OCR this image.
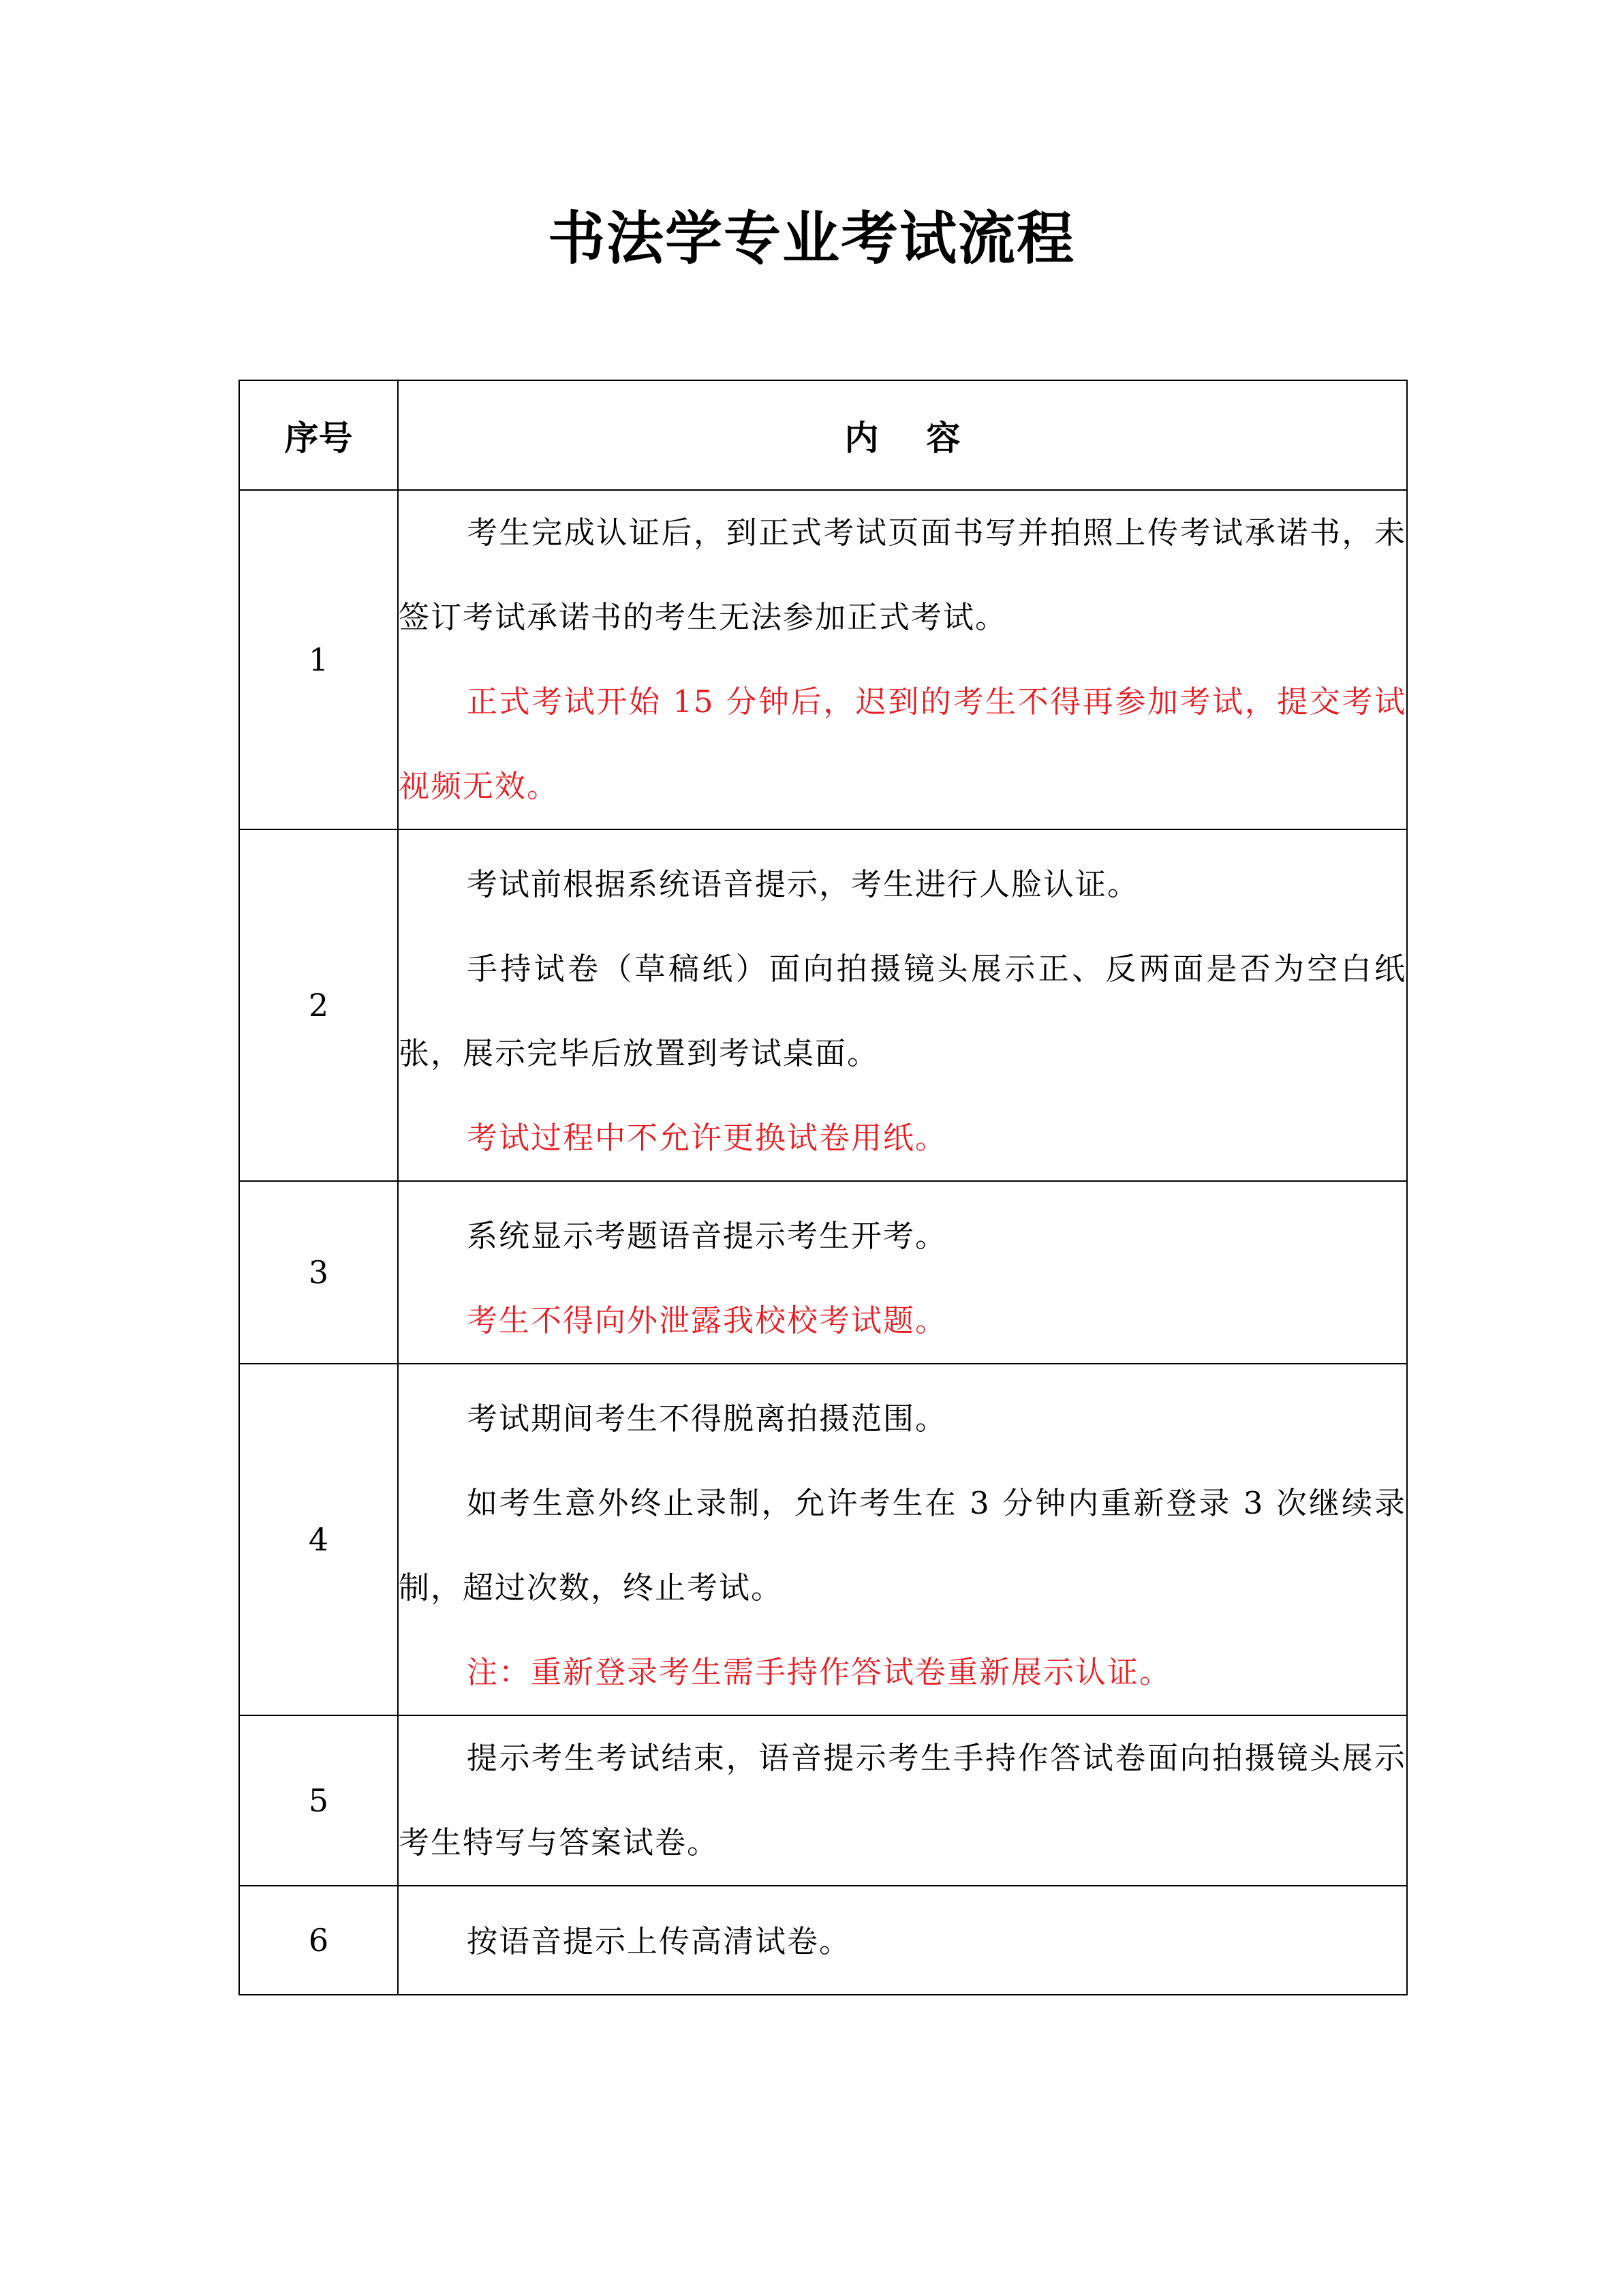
书法学专业考试流程
序号	内容
1	考生完成认证后，到正式考试页面书写并拍照上传考试承诺书，未签订考试承诺书的考生无法参加正式考试。
正式考试开始 15 分钟后，迟到的考生不得再参加考试，提交考试视频无效。

2	考试前根据系统语音提示，考生进行人脸认证。
手持试卷（草稿纸）面向拍摄镜头展示正、反两面是否为空白纸张，展示完毕后放置到考试桌面。
考试过程中不允许更换试卷用纸。

3	系统显示考题语音提示考生开考。
考生不得向外泄露我校校考试题。

4	考试期间考生不得脱离拍摄范围。
如考生意外终止录制，允许考生在 3 分钟内重新登录 3 次继续录制，超过次数，终止考试。
注：重新登录考生需手持作答试卷重新展示认证。

5	提示考生考试结束，语音提示考生手持作答试卷面向拍摄镜头展示考生特写与答案试卷。

6	按语音提示上传高清试卷。
